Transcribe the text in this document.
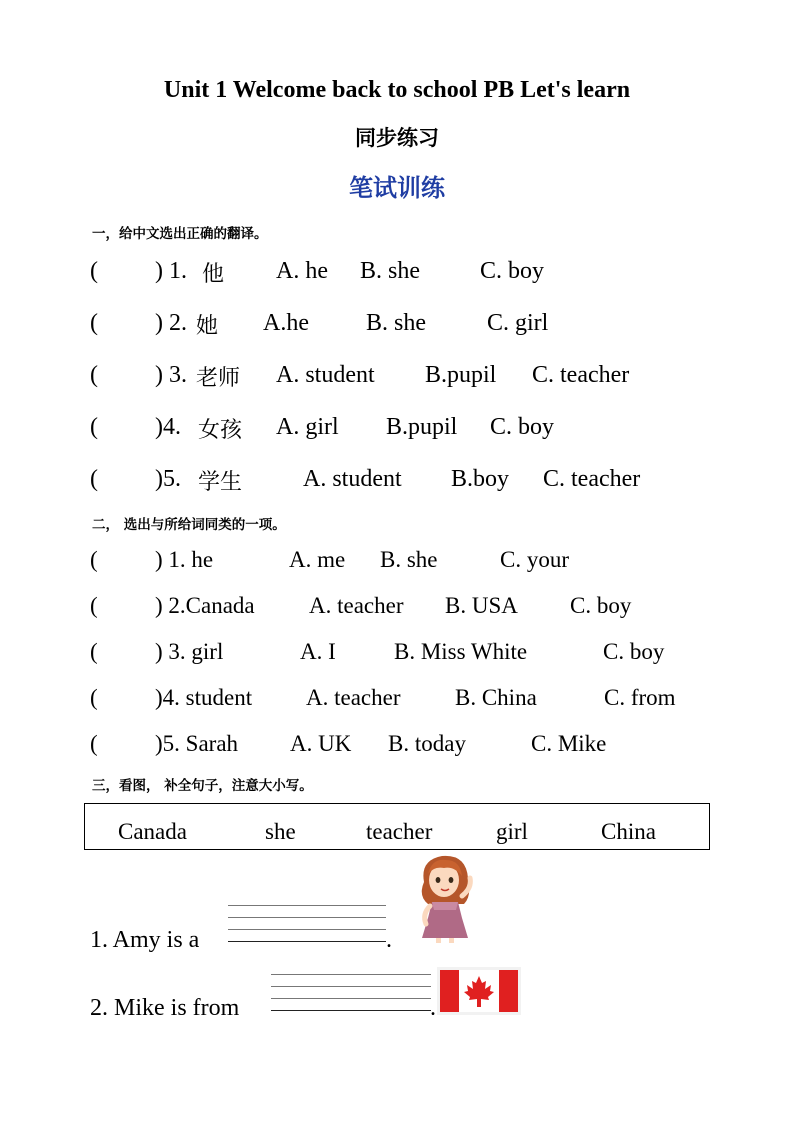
Unit 1 Welcome back to school PB Let's learn
同步练习
笔试训练
一，给中文选出正确的翻译。
( ) 1. 他 A. he B. she	C. boy
( ) 2. 她 A.he B. she	C. girl
( ) 3. 老师 A. student B.pupil C. teacher
( )4. 女孩 A. girl B.pupil C. boy
( )5. 学生	A. student B.boy C. teacher
二， 选出与所给词同类的一项。
( ) 1. he	A. me B. she	C. your
( ) 2.Canada A. teacher B. USA C. boy
( ) 3. girl	A. I	B. Miss White	C. boy
( )4. student A. teacher B. China	C. from
( )5. Sarah A. UK B. today	C. Mike
三，看图， 补全句子，注意大小写。
Canada	she	teacher	girl	China
1. Amy is a	.
2. Mike is from	.
